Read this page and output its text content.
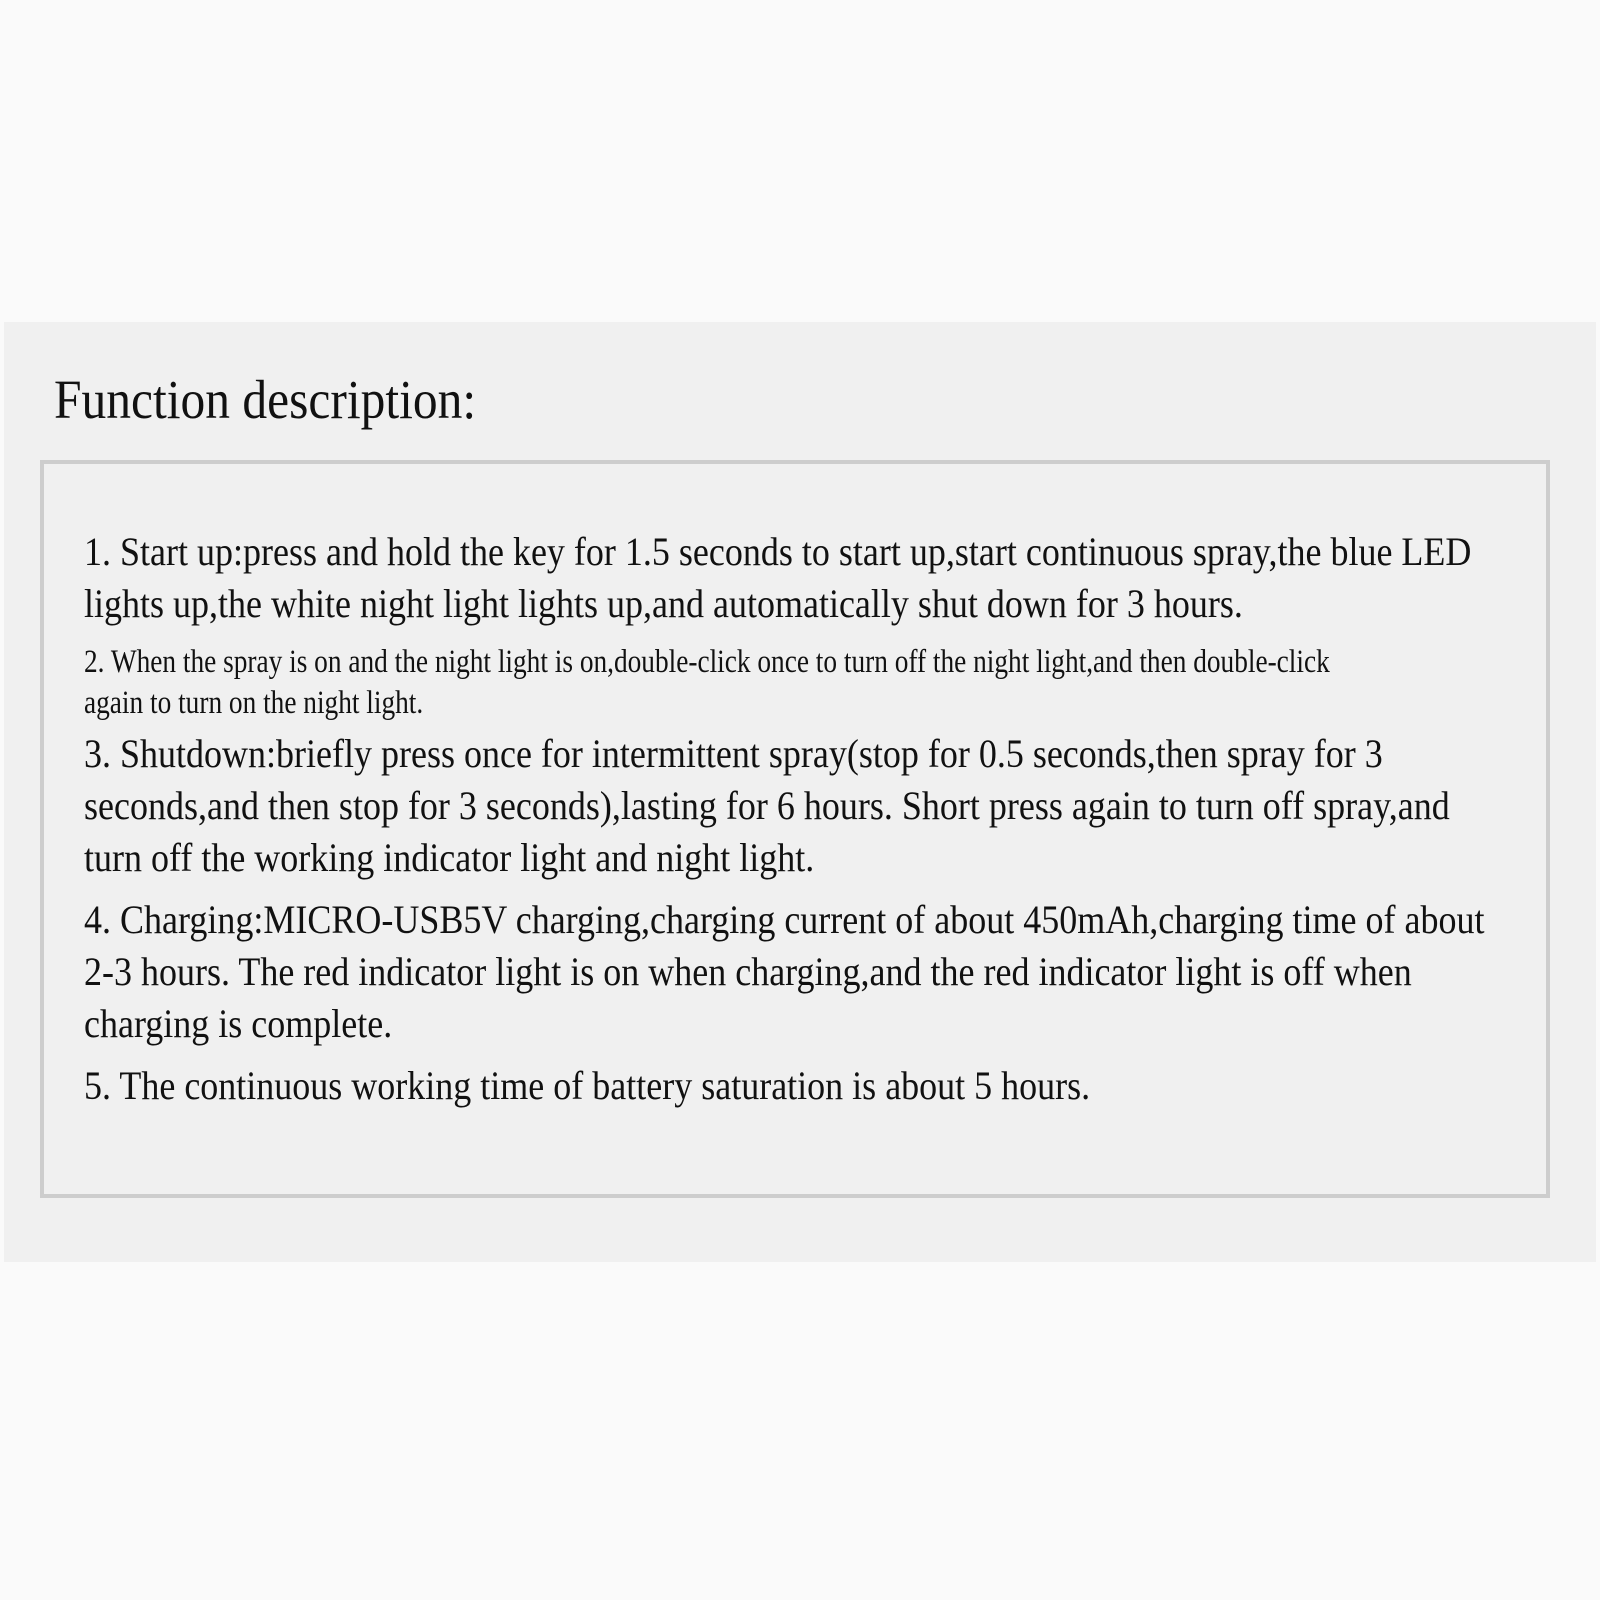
Function description:
1. Start up:press and hold the key for 1.5 seconds to start up,start continuous spray,the blue LED lights up,the white night light lights up,and automatically shut down for 3 hours.
2. When the spray is on and the night light is on,double-click once to turn off the night light,and then double-click again to turn on the night light.
3. Shutdown:briefly press once for intermittent spray(stop for 0.5 seconds,then spray for 3 seconds,and then stop for 3 seconds),lasting for 6 hours. Short press again to turn off spray,and turn off the working indicator light and night light.
4. Charging:MICRO-USB5V charging,charging current of about 450mAh,charging time of about 2-3 hours. The red indicator light is on when charging,and the red indicator light is off when charging is complete.
5. The continuous working time of battery saturation is about 5 hours.
